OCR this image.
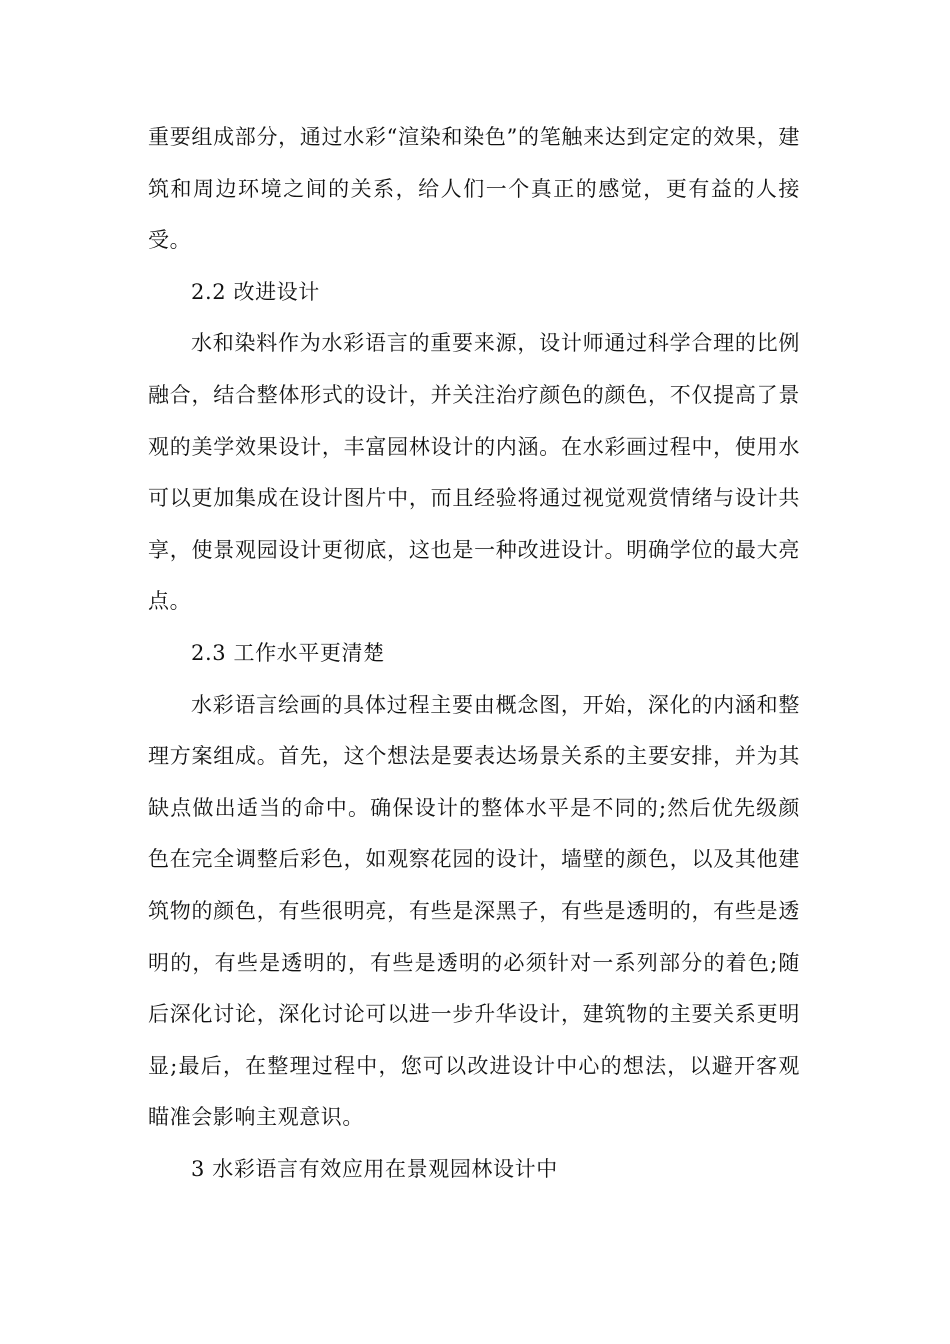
重要组成部分，通过水彩“渲染和染色”的笔触来达到定定的效果，建筑和周边环境之间的关系，给人们一个真正的感觉，更有益的人接受。

2.2 改进设计

水和染料作为水彩语言的重要来源，设计师通过科学合理的比例融合，结合整体形式的设计，并关注治疗颜色的颜色，不仅提高了景观的美学效果设计，丰富园林设计的内涵。在水彩画过程中，使用水可以更加集成在设计图片中，而且经验将通过视觉观赏情绪与设计共享，使景观园设计更彻底，这也是一种改进设计。明确学位的最大亮点。

2.3 工作水平更清楚

水彩语言绘画的具体过程主要由概念图，开始，深化的内涵和整理方案组成。首先，这个想法是要表达场景关系的主要安排，并为其缺点做出适当的命中。确保设计的整体水平是不同的;然后优先级颜色在完全调整后彩色，如观察花园的设计，墙壁的颜色，以及其他建筑物的颜色，有些很明亮，有些是深黑子，有些是透明的，有些是透明的，有些是透明的，有些是透明的必须针对一系列部分的着色;随后深化讨论，深化讨论可以进一步升华设计，建筑物的主要关系更明显;最后，在整理过程中，您可以改进设计中心的想法，以避开客观瞄准会影响主观意识。

3 水彩语言有效应用在景观园林设计中
